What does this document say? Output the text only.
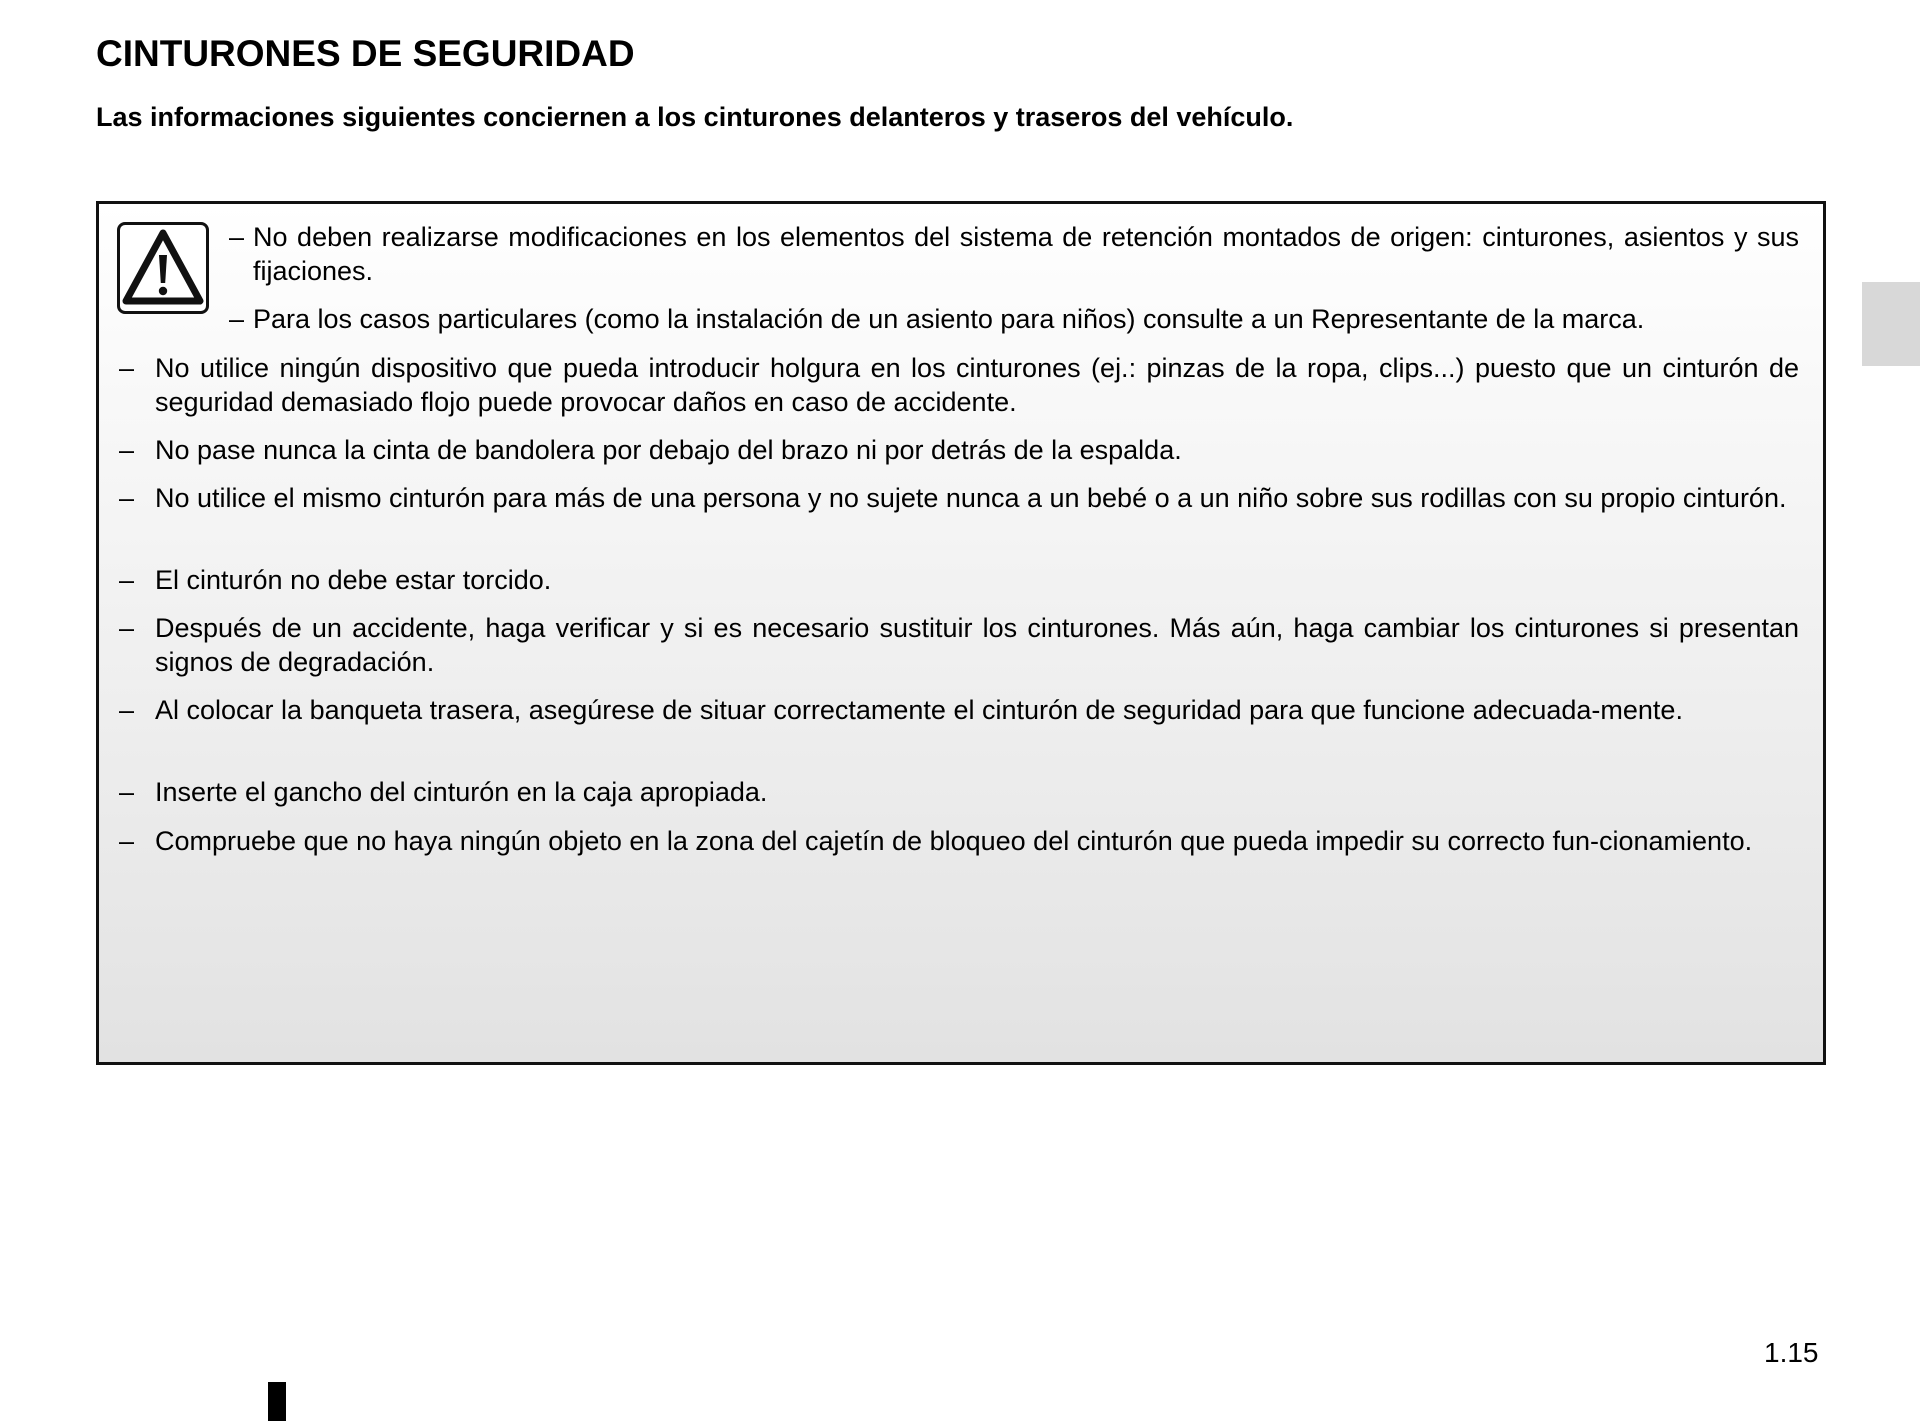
CINTURONES DE SEGURIDAD

Las informaciones siguientes conciernen a los cinturones delanteros y traseros del vehículo.

– No deben realizarse modificaciones en los elementos del sistema de retención montados de origen: cinturones, asientos y sus fijaciones.
– Para los casos particulares (como la instalación de un asiento para niños) consulte a un Representante de la marca.
– No utilice ningún dispositivo que pueda introducir holgura en los cinturones (ej.: pinzas de la ropa, clips...) puesto que un cinturón de seguridad demasiado flojo puede provocar daños en caso de accidente.
– No pase nunca la cinta de bandolera por debajo del brazo ni por detrás de la espalda.
– No utilice el mismo cinturón para más de una persona y no sujete nunca a un bebé o a un niño sobre sus rodillas con su propio cinturón.
– El cinturón no debe estar torcido.
– Después de un accidente, haga verificar y si es necesario sustituir los cinturones. Más aún, haga cambiar los cinturones si presentan signos de degradación.
– Al colocar la banqueta trasera, asegúrese de situar correctamente el cinturón de seguridad para que funcione adecuada-mente.
– Inserte el gancho del cinturón en la caja apropiada.
– Compruebe que no haya ningún objeto en la zona del cajetín de bloqueo del cinturón que pueda impedir su correcto fun-cionamiento.
1.15
